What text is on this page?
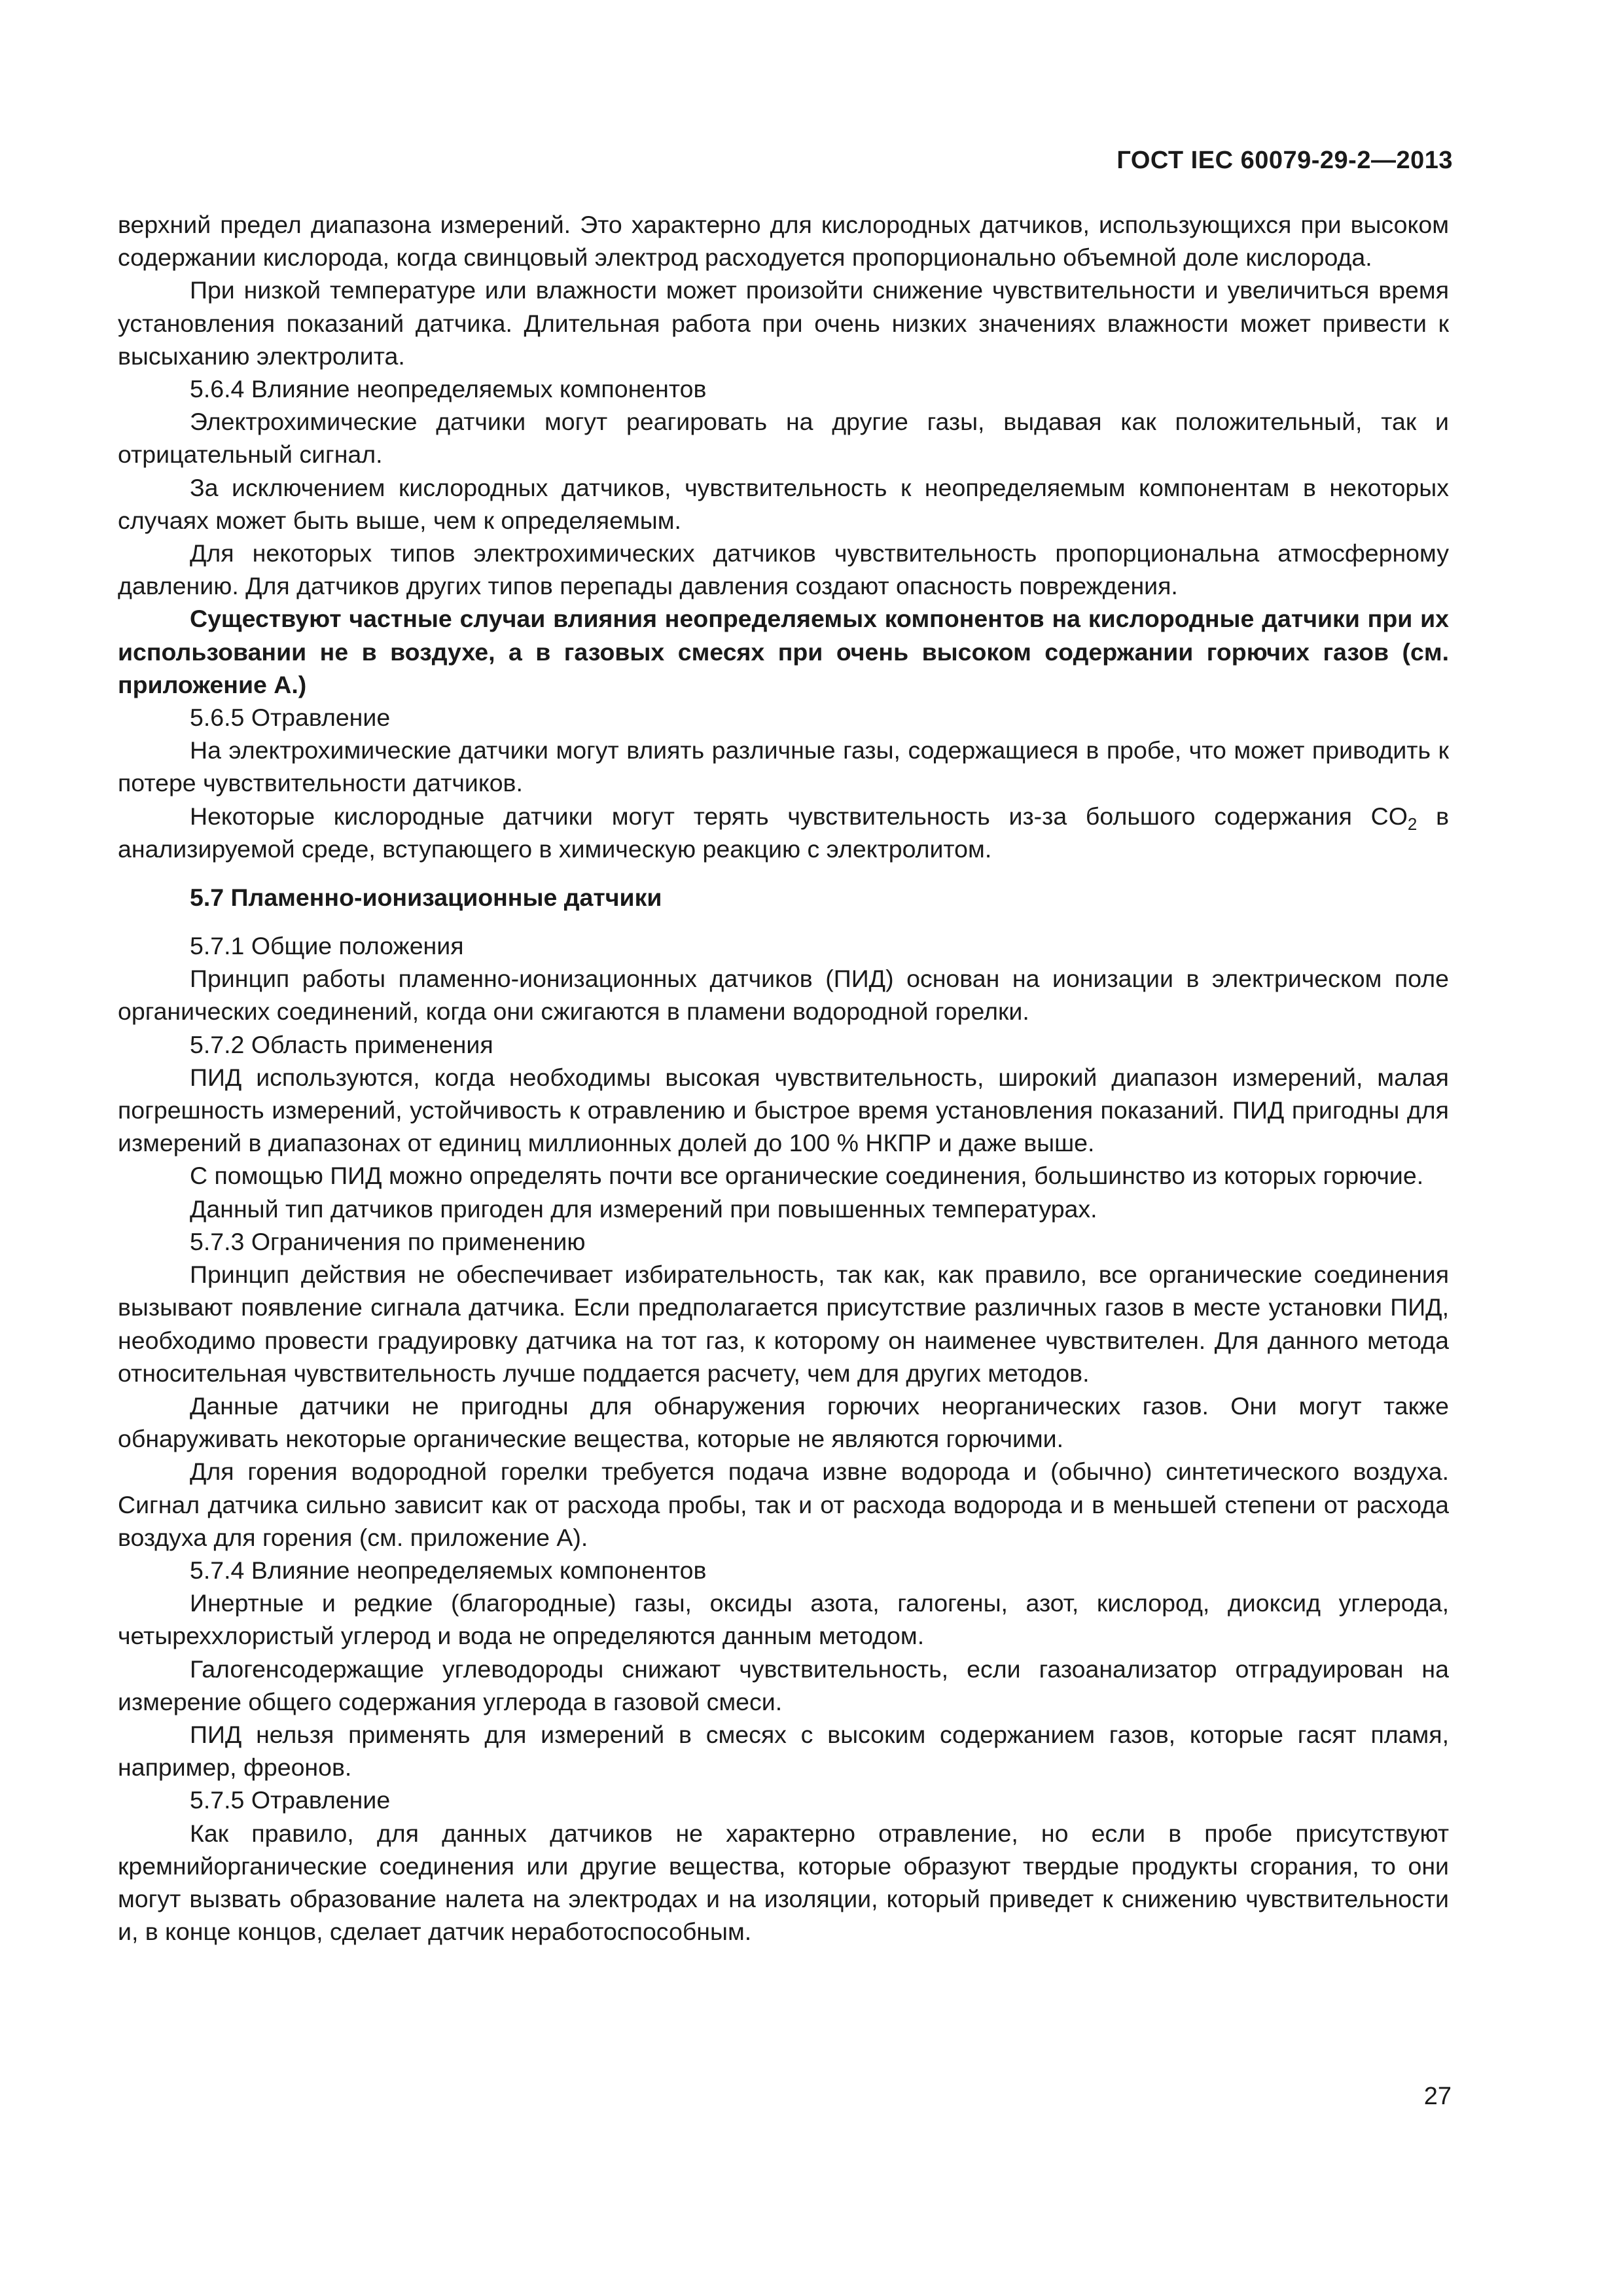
ГОСТ IEC 60079-29-2—2013

верхний предел диапазона измерений. Это характерно для кислородных датчиков, использующихся при высоком содержании кислорода, когда свинцовый электрод расходуется пропорционально объемной доле кислорода.

При низкой температуре или влажности может произойти снижение чувствительности и увеличиться время установления показаний датчика. Длительная работа при очень низких значениях влажности может привести к высыханию электролита.

5.6.4 Влияние неопределяемых компонентов

Электрохимические датчики могут реагировать на другие газы, выдавая как положительный, так и отрицательный сигнал.

За исключением кислородных датчиков, чувствительность к неопределяемым компонентам в некоторых случаях может быть выше, чем к определяемым.

Для некоторых типов электрохимических датчиков чувствительность пропорциональна атмосферному давлению. Для датчиков других типов перепады давления создают опасность повреждения.

Существуют частные случаи влияния неопределяемых компонентов на кислородные датчики при их использовании не в воздухе, а в газовых смесях при очень высоком содержании горючих газов (см. приложение А.)

5.6.5 Отравление

На электрохимические датчики могут влиять различные газы, содержащиеся в пробе, что может приводить к потере чувствительности датчиков.

Некоторые кислородные датчики могут терять чувствительность из-за большого содержания $CO_2$ в анализируемой среде, вступающего в химическую реакцию с электролитом.

5.7 Пламенно-ионизационные датчики

5.7.1 Общие положения

Принцип работы пламенно-ионизационных датчиков (ПИД) основан на ионизации в электрическом поле органических соединений, когда они сжигаются в пламени водородной горелки.

5.7.2 Область применения

ПИД используются, когда необходимы высокая чувствительность, широкий диапазон измерений, малая погрешность измерений, устойчивость к отравлению и быстрое время установления показаний. ПИД пригодны для измерений в диапазонах от единиц миллионных долей до 100 % НКПР и даже выше.

С помощью ПИД можно определять почти все органические соединения, большинство из которых горючие.

Данный тип датчиков пригоден для измерений при повышенных температурах.

5.7.3 Ограничения по применению

Принцип действия не обеспечивает избирательность, так как, как правило, все органические соединения вызывают появление сигнала датчика. Если предполагается присутствие различных газов в месте установки ПИД, необходимо провести градуировку датчика на тот газ, к которому он наименее чувствителен. Для данного метода относительная чувствительность лучше поддается расчету, чем для других методов.

Данные датчики не пригодны для обнаружения горючих неорганических газов. Они могут также обнаруживать некоторые органические вещества, которые не являются горючими.

Для горения водородной горелки требуется подача извне водорода и (обычно) синтетического воздуха. Сигнал датчика сильно зависит как от расхода пробы, так и от расхода водорода и в меньшей степени от расхода воздуха для горения (см. приложение А).

5.7.4 Влияние неопределяемых компонентов

Инертные и редкие (благородные) газы, оксиды азота, галогены, азот, кислород, диоксид углерода, четыреххлористый углерод и вода не определяются данным методом.

Галогенсодержащие углеводороды снижают чувствительность, если газоанализатор отградуирован на измерение общего содержания углерода в газовой смеси.

ПИД нельзя применять для измерений в смесях с высоким содержанием газов, которые гасят пламя, например, фреонов.

5.7.5 Отравление

Как правило, для данных датчиков не характерно отравление, но если в пробе присутствуют кремнийорганические соединения или другие вещества, которые образуют твердые продукты сгорания, то они могут вызвать образование налета на электродах и на изоляции, который приведет к снижению чувствительности и, в конце концов, сделает датчик неработоспособным.

27
